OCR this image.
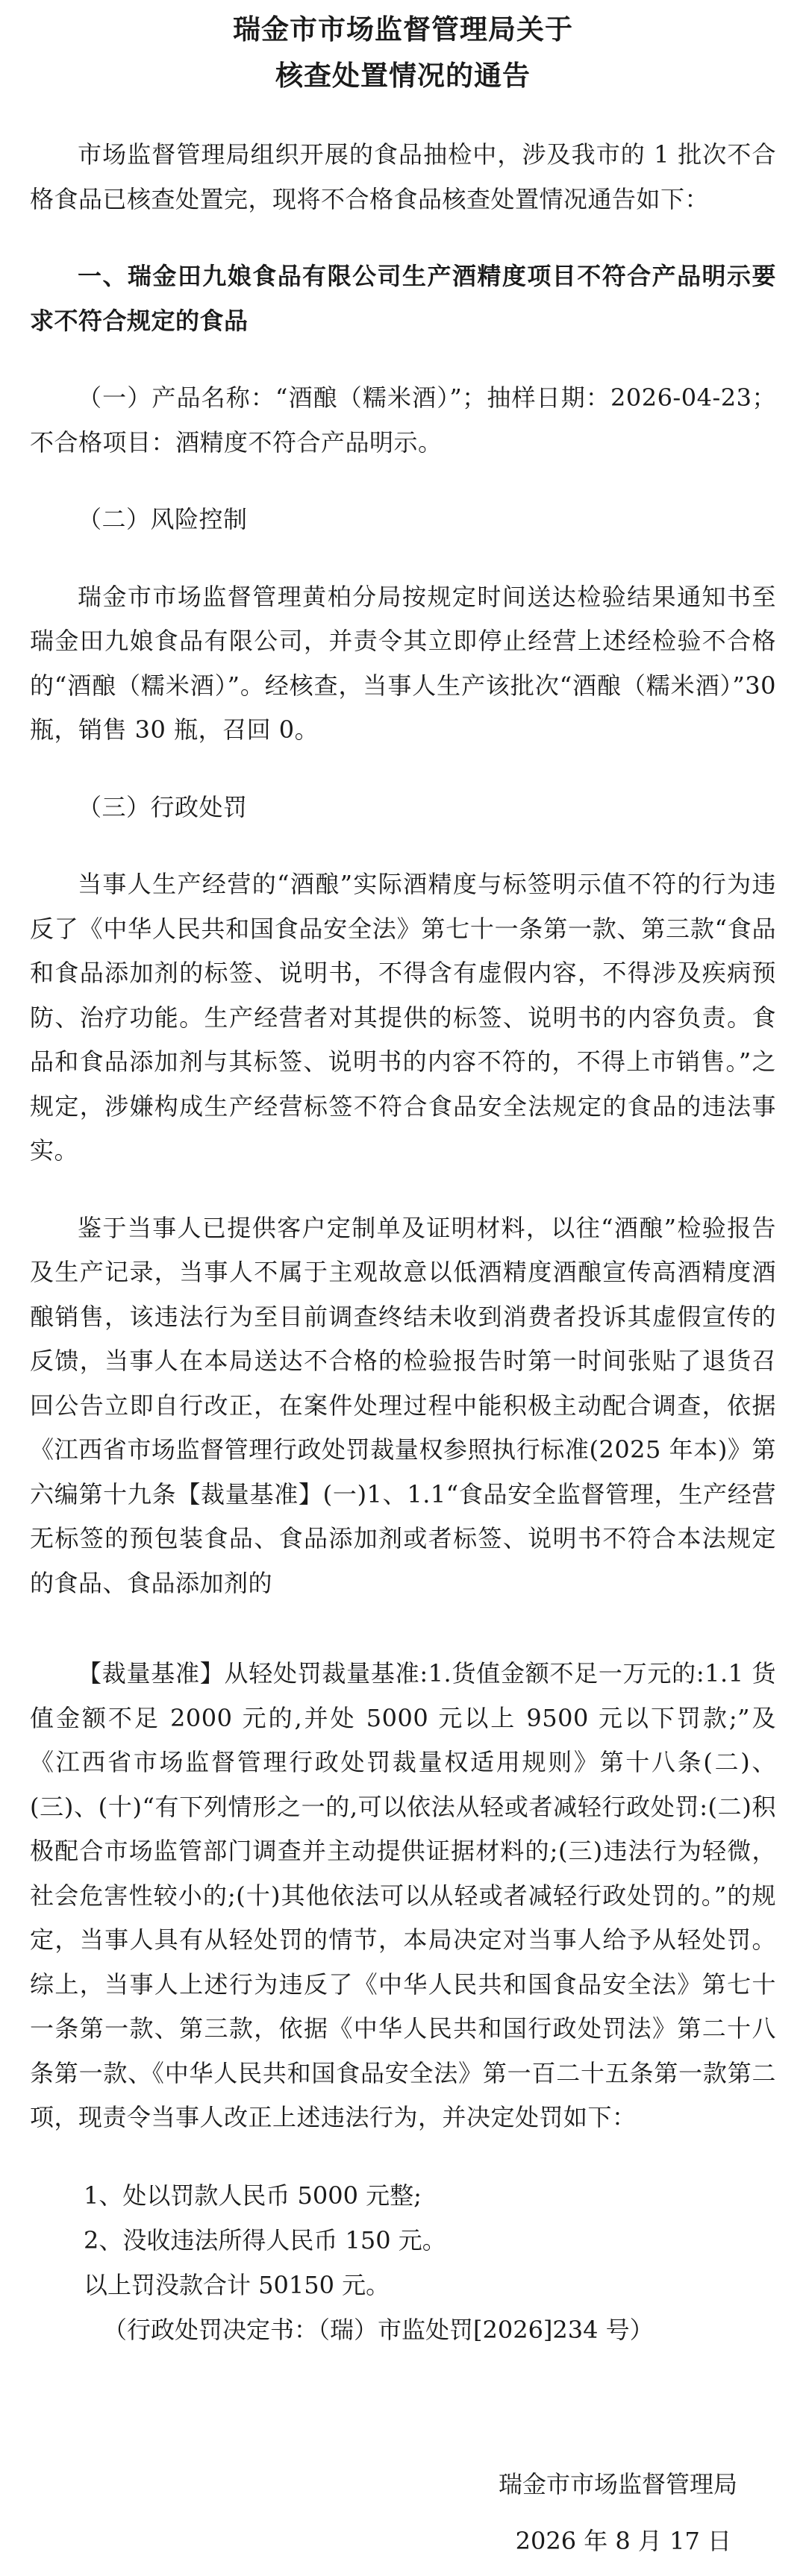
瑞金市市场监督管理局关于

核查处置情况的通告

市场监督管理局组织开展的食品抽检中，涉及我市的 1 批次不合格食品已核查处置完，现将不合格食品核查处置情况通告如下：

一、瑞金田九娘食品有限公司生产酒精度项目不符合产品明示要求不符合规定的食品

（一）产品名称：“酒酿（糯米酒）”；抽样日期：2026-04-23；不合格项目：酒精度不符合产品明示。

（二）风险控制

瑞金市市场监督管理黄柏分局按规定时间送达检验结果通知书至瑞金田九娘食品有限公司，并责令其立即停止经营上述经检验不合格的“酒酿（糯米酒）”。经核查，当事人生产该批次“酒酿（糯米酒）”30 瓶，销售 30 瓶，召回 0。

（三）行政处罚

当事人生产经营的“酒酿”实际酒精度与标签明示值不符的行为违反了《中华人民共和国食品安全法》第七十一条第一款、第三款“食品和食品添加剂的标签、说明书，不得含有虚假内容，不得涉及疾病预防、治疗功能。生产经营者对其提供的标签、说明书的内容负责。食品和食品添加剂与其标签、说明书的内容不符的，不得上市销售。”之规定，涉嫌构成生产经营标签不符合食品安全法规定的食品的违法事实。

鉴于当事人已提供客户定制单及证明材料，以往“酒酿”检验报告及生产记录，当事人不属于主观故意以低酒精度酒酿宣传高酒精度酒酿销售，该违法行为至目前调查终结未收到消费者投诉其虚假宣传的反馈，当事人在本局送达不合格的检验报告时第一时间张贴了退货召回公告立即自行改正，在案件处理过程中能积极主动配合调查，依据《江西省市场监督管理行政处罚裁量权参照执行标准(2025 年本)》第六编第十九条【裁量基准】(一)1、1.1“食品安全监督管理，生产经营无标签的预包装食品、食品添加剂或者标签、说明书不符合本法规定的食品、食品添加剂的

【裁量基准】从轻处罚裁量基准:1.货值金额不足一万元的:1.1 货值金额不足 2000 元的,并处 5000 元以上 9500 元以下罚款;”及《江西省市场监督管理行政处罚裁量权适用规则》第十八条(二)、(三)、(十)“有下列情形之一的,可以依法从轻或者减轻行政处罚:(二)积极配合市场监管部门调查并主动提供证据材料的;(三)违法行为轻微，社会危害性较小的;(十)其他依法可以从轻或者减轻行政处罚的。”的规定，当事人具有从轻处罚的情节，本局决定对当事人给予从轻处罚。综上，当事人上述行为违反了《中华人民共和国食品安全法》第七十一条第一款、第三款，依据《中华人民共和国行政处罚法》第二十八条第一款、《中华人民共和国食品安全法》第一百二十五条第一款第二项，现责令当事人改正上述违法行为，并决定处罚如下：

1、处以罚款人民币 5000 元整;

2、没收违法所得人民币 150 元。

以上罚没款合计 50150 元。

（行政处罚决定书：（瑞）市监处罚[2026]234 号）

瑞金市市场监督管理局
2026 年 8 月 17 日
